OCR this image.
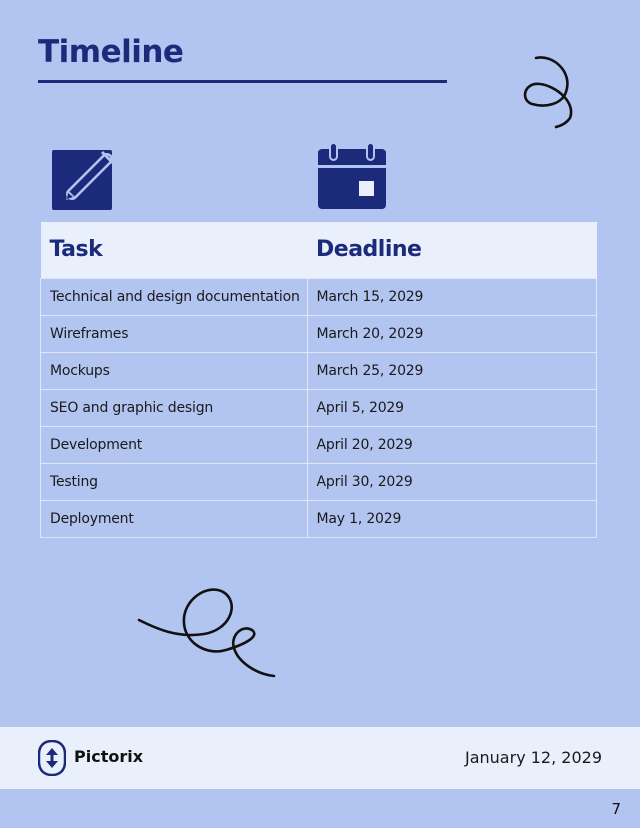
Timeline
Task	Deadline
Technical and design documentation	March 15, 2029
Wireframes	March 20, 2029
Mockups	March 25, 2029
SEO and graphic design	April 5, 2029
Development	April 20, 2029
Testing	April 30, 2029
Deployment	May 1, 2029
Pictorix	January 12, 2029
7
